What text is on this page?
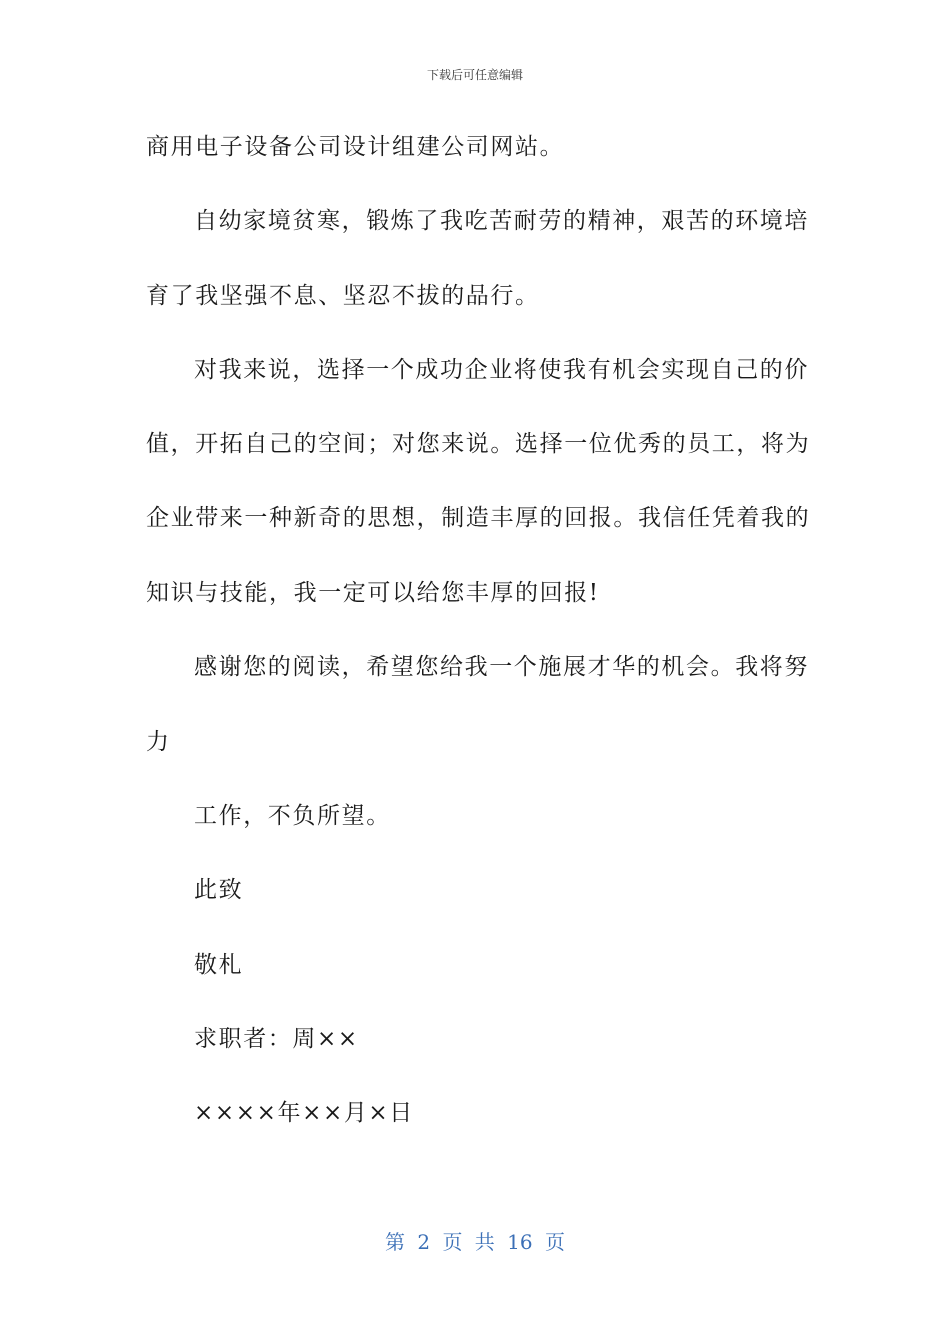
下载后可任意编辑
商用电子设备公司设计组建公司网站。
自幼家境贫寒，锻炼了我吃苦耐劳的精神，艰苦的环境培
育了我坚强不息、坚忍不拔的品行。
对我来说，选择一个成功企业将使我有机会实现自己的价
值，开拓自己的空间；对您来说。选择一位优秀的员工，将为
企业带来一种新奇的思想，制造丰厚的回报。我信任凭着我的
知识与技能，我一定可以给您丰厚的回报!
感谢您的阅读，希望您给我一个施展才华的机会。我将努
力
工作，不负所望。
此致
敬札
求职者：周××
××××年××月×日
第 2 页 共 16 页
